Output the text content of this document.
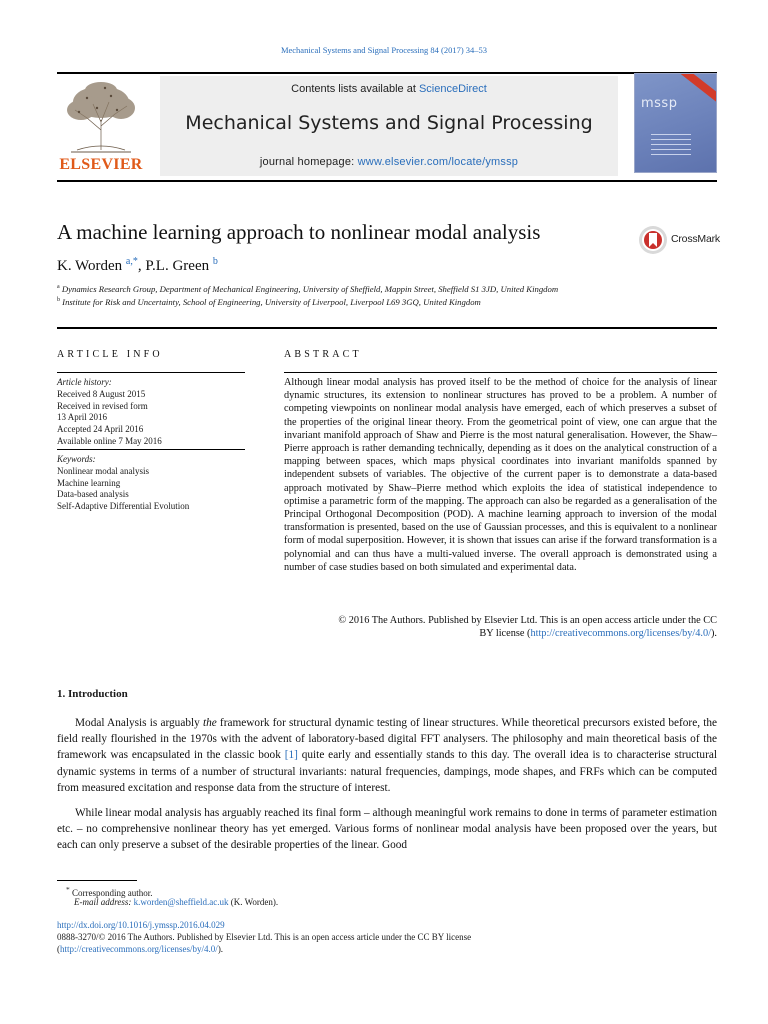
Mechanical Systems and Signal Processing 84 (2017) 34–53
ELSEVIER
Contents lists available at ScienceDirect
Mechanical Systems and Signal Processing
journal homepage: www.elsevier.com/locate/ymssp
mssp
A machine learning approach to nonlinear modal analysis	CrossMark
K. Worden $^{a,*}$, P.L. Green $^b$
$^a$ Dynamics Research Group, Department of Mechanical Engineering, University of Sheffield, Mappin Street, Sheffield S1 3JD, United Kingdom
$^b$ Institute for Risk and Uncertainty, School of Engineering, University of Liverpool, Liverpool L69 3GQ, United Kingdom
ARTICLE INFO
Article history:
Received 8 August 2015
Received in revised form
13 April 2016
Accepted 24 April 2016
Available online 7 May 2016
Keywords:
Nonlinear modal analysis
Machine learning
Data-based analysis
Self-Adaptive Differential Evolution
ABSTRACT
Although linear modal analysis has proved itself to be the method of choice for the analysis of linear dynamic structures, its extension to nonlinear structures has proved to be a problem. A number of competing viewpoints on nonlinear modal analysis have emerged, each of which preserves a subset of the properties of the original linear theory. From the geometrical point of view, one can argue that the invariant manifold approach of Shaw and Pierre is the most natural generalisation. However, the Shaw–Pierre approach is rather demanding technically, depending as it does on the analytical construction of a mapping between spaces, which maps physical coordinates into invariant manifolds spanned by independent subsets of variables. The objective of the current paper is to demonstrate a data-based approach motivated by Shaw–Pierre method which exploits the idea of statistical independence to optimise a parametric form of the mapping. The approach can also be regarded as a generalisation of the Principal Orthogonal Decomposition (POD). A machine learning approach to inversion of the modal transformation is presented, based on the use of Gaussian processes, and this is equivalent to a nonlinear form of modal superposition. However, it is shown that issues can arise if the forward transformation is a polynomial and can thus have a multi-valued inverse. The overall approach is demonstrated using a number of case studies based on both simulated and experimental data.
© 2016 The Authors. Published by Elsevier Ltd. This is an open access article under the CC
BY license (http://creativecommons.org/licenses/by/4.0/).
1. Introduction
Modal Analysis is arguably the framework for structural dynamic testing of linear structures. While theoretical precursors existed before, the field really flourished in the 1970s with the advent of laboratory-based digital FFT analysers. The philosophy and main theoretical basis of the framework was encapsulated in the classic book [1] quite early and essentially stands to this day. The overall idea is to characterise structural dynamic systems in terms of a number of structural invariants: natural frequencies, dampings, mode shapes, and FRFs which can be computed from measured excitation and response data from the structure of interest.
While linear modal analysis has arguably reached its final form – although meaningful work remains to done in terms of parameter estimation etc. – no comprehensive nonlinear theory has yet emerged. Various forms of nonlinear modal analysis have been proposed over the years, but each can only preserve a subset of the desirable properties of the linear. Good
* Corresponding author.
E-mail address: k.worden@sheffield.ac.uk (K. Worden).
http://dx.doi.org/10.1016/j.ymssp.2016.04.029
0888-3270/© 2016 The Authors. Published by Elsevier Ltd. This is an open access article under the CC BY license
(http://creativecommons.org/licenses/by/4.0/).
